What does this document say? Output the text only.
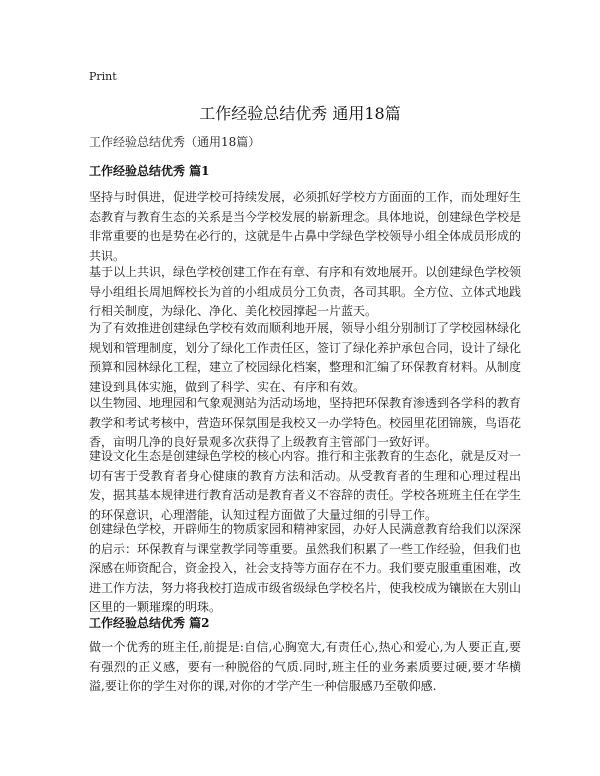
Print
工作经验总结优秀 通用18篇
工作经验总结优秀（通用18篇）
工作经验总结优秀 篇1

坚持与时俱进，促进学校可持续发展，必须抓好学校方方面面的工作，而处理好生态教育与教育生态的关系是当今学校发展的崭新理念。具体地说，创建绿色学校是非常重要的也是势在必行的，这就是牛占鼻中学绿色学校领导小组全体成员形成的共识。

基于以上共识，绿色学校创建工作在有章、有序和有效地展开。以创建绿色学校领导小组组长周旭辉校长为首的小组成员分工负责，各司其职。全方位、立体式地践行相关制度，为绿化、净化、美化校园撑起一片蓝天。

为了有效推进创建绿色学校有效而顺利地开展，领导小组分别制订了学校园林绿化规划和管理制度，划分了绿化工作责任区，签订了绿化养护承包合同，设计了绿化预算和园林绿化工程，建立了校园绿化档案，整理和汇编了环保教育材料。从制度建设到具体实施，做到了科学、实在、有序和有效。

以生物园、地理园和气象观测站为活动场地，坚持把环保教育渗透到各学科的教育教学和考试考核中，营造环保氛围是我校又一办学特色。校园里花团锦簇，鸟语花香，亩明几净的良好景观多次获得了上级教育主管部门一致好评。

建设文化生态是创建绿色学校的核心内容。推行和主张教育的生态化，就是反对一切有害于受教育者身心健康的教育方法和活动。从受教育者的生理和心理过程出发，据其基本规律进行教育活动是教育者义不容辞的责任。学校各班班主任在学生的环保意识，心理潜能，认知过程方面做了大量过细的引导工作。

创建绿色学校，开辟师生的物质家园和精神家园，办好人民满意教育给我们以深深的启示：环保教育与课堂教学同等重要。虽然我们积累了一些工作经验，但我们也深感在师资配合，资金投入，社会支持等方面存在不力。我们要克服重重困难，改进工作方法，努力将我校打造成市级省级绿色学校名片，使我校成为镶嵌在大别山区里的一颗璀璨的明珠。

工作经验总结优秀 篇2

做一个优秀的班主任,前提是:自信,心胸宽大,有责任心,热心和爱心,为人要正直,要有强烈的正义感，要有一种脱俗的气质.同时,班主任的业务素质要过硬,要才华横溢,要让你的学生对你的课,对你的才学产生一种信服感乃至敬仰感.
